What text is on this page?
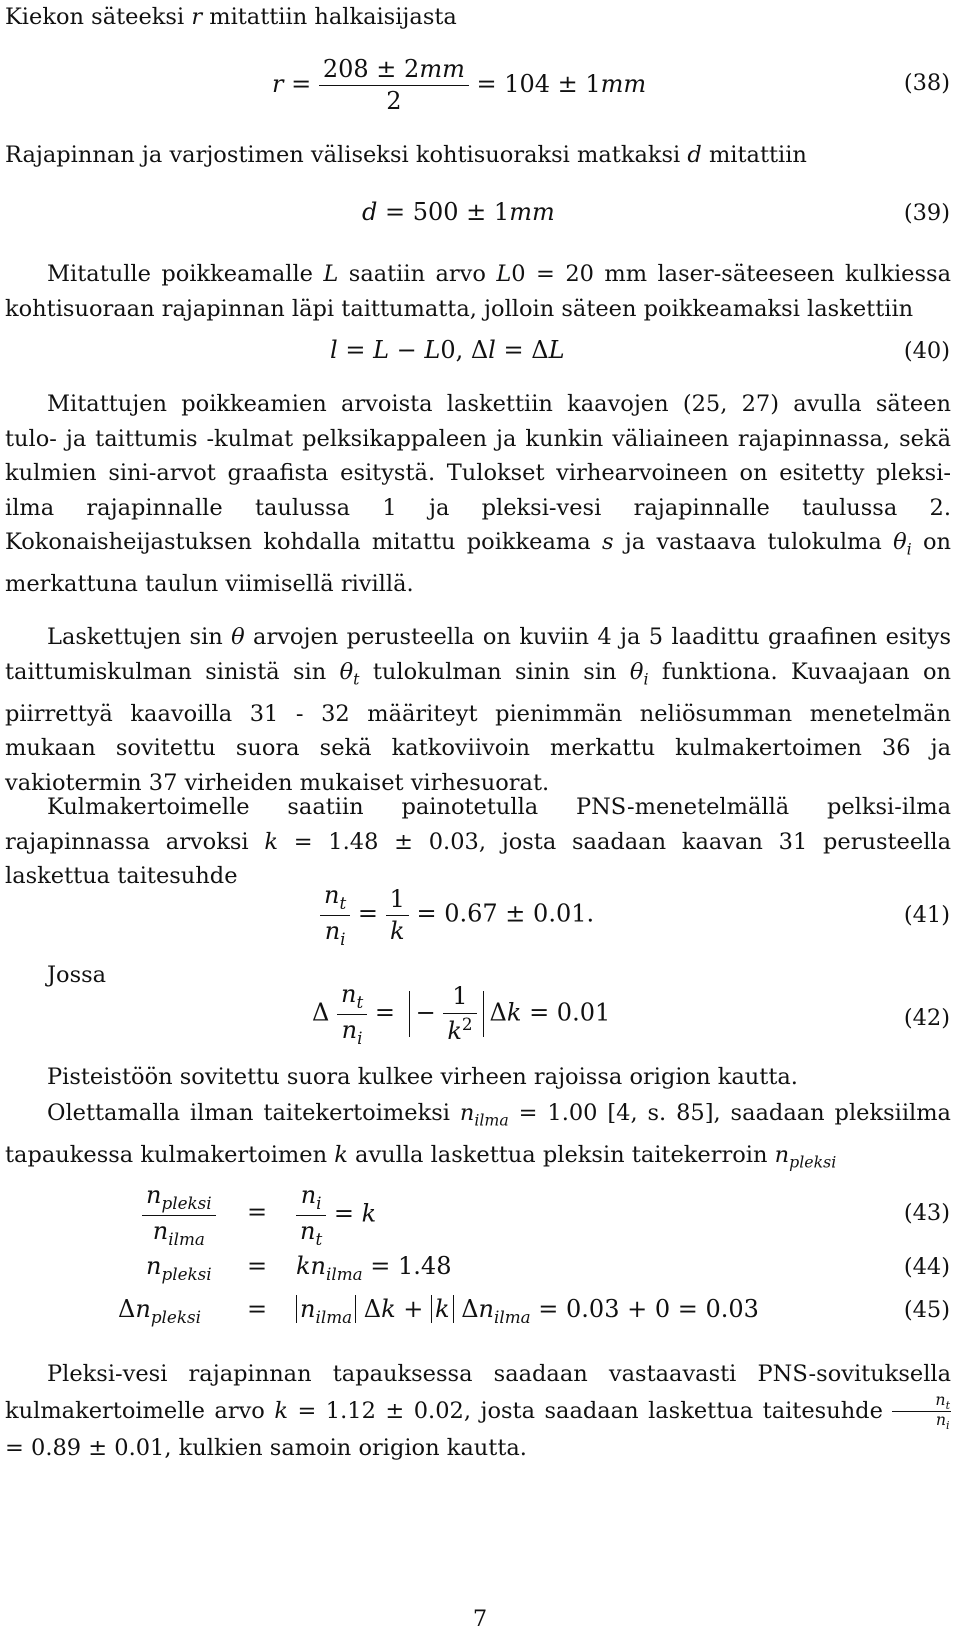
Kiekon säteeksi r mitattiin halkaisijasta

$r = \frac{208 \pm 2mm}{2} = 104 \pm 1mm$	(38)

Rajapinnan ja varjostimen väliseksi kohtisuoraksi matkaksi d mitattiin

d = 500 ± 1mm	(39)

Mitatulle poikkeamalle L saatiin arvo L0 = 20 mm laser-säteeseen kulkiessa kohtisuoraan rajapinnan läpi taittumatta, jolloin säteen poikkeamaksi laskettiin

l = L − L0, Δl = ΔL	(40)

Mitattujen poikkeamien arvoista laskettiin kaavojen (25, 27) avulla säteen tulo- ja taittumis -kulmat pelksikappaleen ja kunkin väliaineen rajapinnassa, sekä kulmien sini-arvot graafista esitystä. Tulokset virhearvoineen on esitetty pleksi-ilma rajapinnalle taulussa 1 ja pleksi-vesi rajapinnalle taulussa 2. Kokonaisheijastuksen kohdalla mitattu poikkeama s ja vastaava tulokulma $\theta_i$ on merkattuna taulun viimisellä rivillä.

Laskettujen sin θ arvojen perusteella on kuviin 4 ja 5 laadittu graafinen esitys taittumiskulman sinistä $\sin \theta_t$ tulokulman sinin $\sin \theta_i$ funktiona. Kuvaajaan on piirrettyä kaavoilla 31 - 32 määriteyt pienimmän neliösumman menetelmän mukaan sovitettu suora sekä katkoviivoin merkattu kulmakertoimen 36 ja vakiotermin 37 virheiden mukaiset virhesuorat.

Kulmakertoimelle saatiin painotetulla PNS-menetelmällä pelksi-ilma rajapinnassa arvoksi k = 1.48 ± 0.03, josta saadaan kaavan 31 perusteella laskettua taitesuhde

$\frac{n_t}{n_i} = \frac{1}{k} = 0.67 \pm 0.01$.	(41)

Jossa

Δ $\frac{n_t}{n_i}$ = − $\frac{1}{k^2}$ Δk = 0.01	(42)

Pisteistöön sovitettu suora kulkee virheen rajoissa origion kautta.

Olettamalla ilman taitekertoimeksi $n_{ilma} = 1.00$ [4, s. 85], saadaan pleksiilma tapaukessa kulmakertoimen k avulla laskettua pleksin taitekerroin $n_{pleksi}$

$\frac{n_{pleksi}}{n_{ilma}} = \frac{n_i}{n_t} = k$	(43)
$n_{pleksi} = kn_{ilma} = 1.48$	(44)
$\Delta n_{pleksi} = n_{ilma}$ Δk + k $\Delta n_{ilma} = 0.03 + 0 = 0.03$	(45)

Pleksi-vesi rajapinnan tapauksessa saadaan vastaavasti PNS-sovituksella kulmakertoimelle arvo k = 1.12 ± 0.02, josta saadaan laskettua taitesuhde $\frac{n_t}{n_i}$
= 0.89 ± 0.01, kulkien samoin origion kautta.

7
